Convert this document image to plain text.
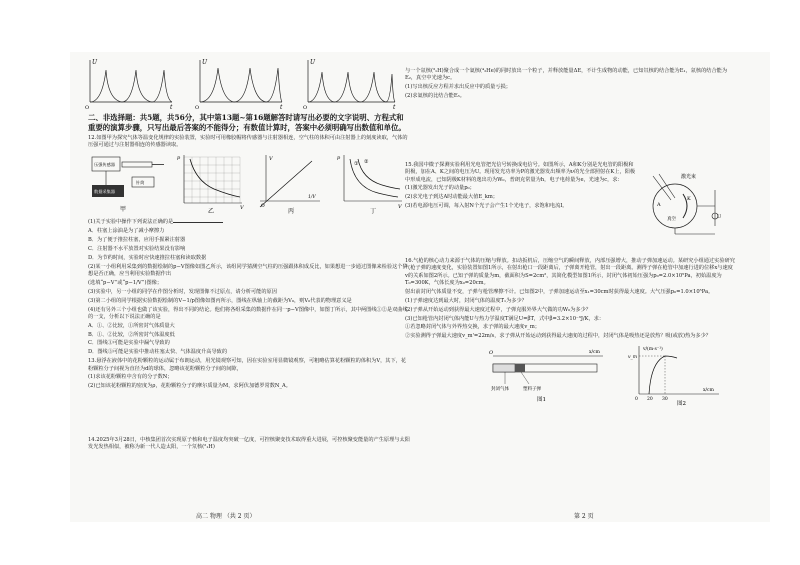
U
t
O
U
t
O
U
t
O

二、非选择题：共5题，共56分，其中第13题~第16题解答时请写出必要的文字说明、方程式和重要的演算步骤，只写出最后答案的不能得分；有数值计算时，答案中必须明确写出数值和单位。

12.如图甲为探究气体等温变化规律的实验装置，实验时可用橡胶帽将传感器与注射器相连，空气柱的体积可由注射器上的刻度读取，气体的压强可通过与注射器相连的传感器读取。

压强传感器
数据采集器
针筒
甲
p
V
乙
V
1/V
O
丙
① ②
p
V
丁

(1)关于实验中操作下列说法正确的是

A．柱塞上涂油是为了减小摩擦力

B．为了便于推拉柱塞，应用手握紧注射器

C．注射器不水平放置对实验结果没有影响

D．为节约时间，实验时应快速推拉柱塞和读取数据

(2)某一小组利用采集到的数据绘制的p−V图像如图乙所示，该组同学猜测空气柱的压强跟体积成反比，如果想进一步通过图像来检验这个猜想是否正确，应当利用实验数据作出

(选填“p−V”或“p−1/V”)图像；

(3)实验中，另一小组的同学在作图分析时，发现图像不过原点，请分析可能的原因

(3)第二小组的同学根据实验数据绘制的V−1/p图像如图丙所示，图线在纵轴上的截距为V₀，则V₀代表的物理意义是

(4)还有另外三个小组也做了该实验，得出不同的结论。他们将各组采集的数据作在同一p−V图像中，如图丁所示，其中两图线①②是双曲线的一支，分析以下说法正确的是

A．①、②比较，①所密封气体质量大

B．①、②比较，②所密封气体温度低

C．图线③可能是实验中漏气导致的

D．图线③可能是实验中推动柱塞太快、气体温度升高导致的

13.悬浮在液体中的花粉颗粒的运动属于布朗运动，用光镜观察可知，因在实验室用显微镜观察，可粗略估算花粉颗粒的体积为V，其下，花粉颗粒分子间视为直径为d的球体，忽略该花粉颗粒分子间的间隙，

(1)求该花粉颗粒中含有的分子数N；

(2)已知该花粉颗粒的密度为ρ，花粉颗粒分子的摩尔质量为M，求阿伏加德罗常数N_A。

14.2025年3月28日，中核集团首次实现原子核和电子温度均突破一亿度，可控核聚变技术取得重大进展，可控核聚变能量的产生原理与太阳发光发热相似，被称为新一代人造太阳，一个氘核(²₁H)

与一个氚核(³₁H)聚合成一个氦核(⁴₂He)的同时放出一个粒子，并释放能量ΔE，不计生成物的动能，已知氘核的结合能为E₁，氚核的结合能为E₂，真空中光速为c。

(1)写出核反应方程并求出反应中的质量亏损；

(2)求氦核的比结合能E₃。

15.我国中微子探测实验利用光电管把光信号转换成电信号。如图所示，A和K分别是光电管的阳极和阴极，加在A、K之间的电压为U。现用发光功率为P的激光器发出频率为ν的光全部照射在K上，阳极中形成电流，已知阴极K材料的逸出功为W₀，普朗克常量为h，电子电荷量为e，光速为c，求：

(1)激光器发出光子的动量p₀；

(2)求光电子到达A时动能最大值E_km；

(3)若电源电压可调，每入射N个光子会产生1个光电子，求饱和电流I。

激光束
真空
A
K
U

16.气枪的核心动力来源于气体的压缩与释放。扣动扳机后，压缩空气的瞬间释放，内部压强增大，推动子弹加速运动。某研究小组通过实验研究气枪子弹的速度变化，实验装置如图1所示，在射出枪口一段距离后，子弹离开枪管，射出一段距离。测得子弹在枪管中加速行进的位移x与速度v的关系如图2所示。已知子弹的质量为m，截面积为S=2cm²，其简化模型如图1所示，封闭气体初始压强为p₀=2.0×10⁵Pa，初始温度为T₀=300K，气体长度为x₀=20cm。

射出前封闭气体质量不变，子弹与枪管摩擦不计。已知图2中，子弹加速运动至x₁=30cm时获得最大速度。大气压强p₀=1.0×10⁵Pa。

(1)子弹速度达到最大时，封闭气体的温度T₁为多少？

(2)子弹从开始运动到获得最大速度过程中，子弹克服外界大气做的功W₀为多少？

(3)已知枪管内封闭气体内能U与热力学温度T满足U=βT，式中β=3.2×10⁻³J/K，求：

①若忽略封闭气体与外界热交换，求子弹的最大速度v_m；

②实验测得子弹最大速度v_m'=22m/s，求子弹从开始运动到获得最大速度的过程中，封闭气体是吸热还是放热？吸(或放)热为多少？

O	x/cm
封闭气体	塑料子弹
图1
v/(m·s⁻¹)
v_m
x/cm
0 20 30
图2
高二 物理 （共 2 页）	第 2 页
